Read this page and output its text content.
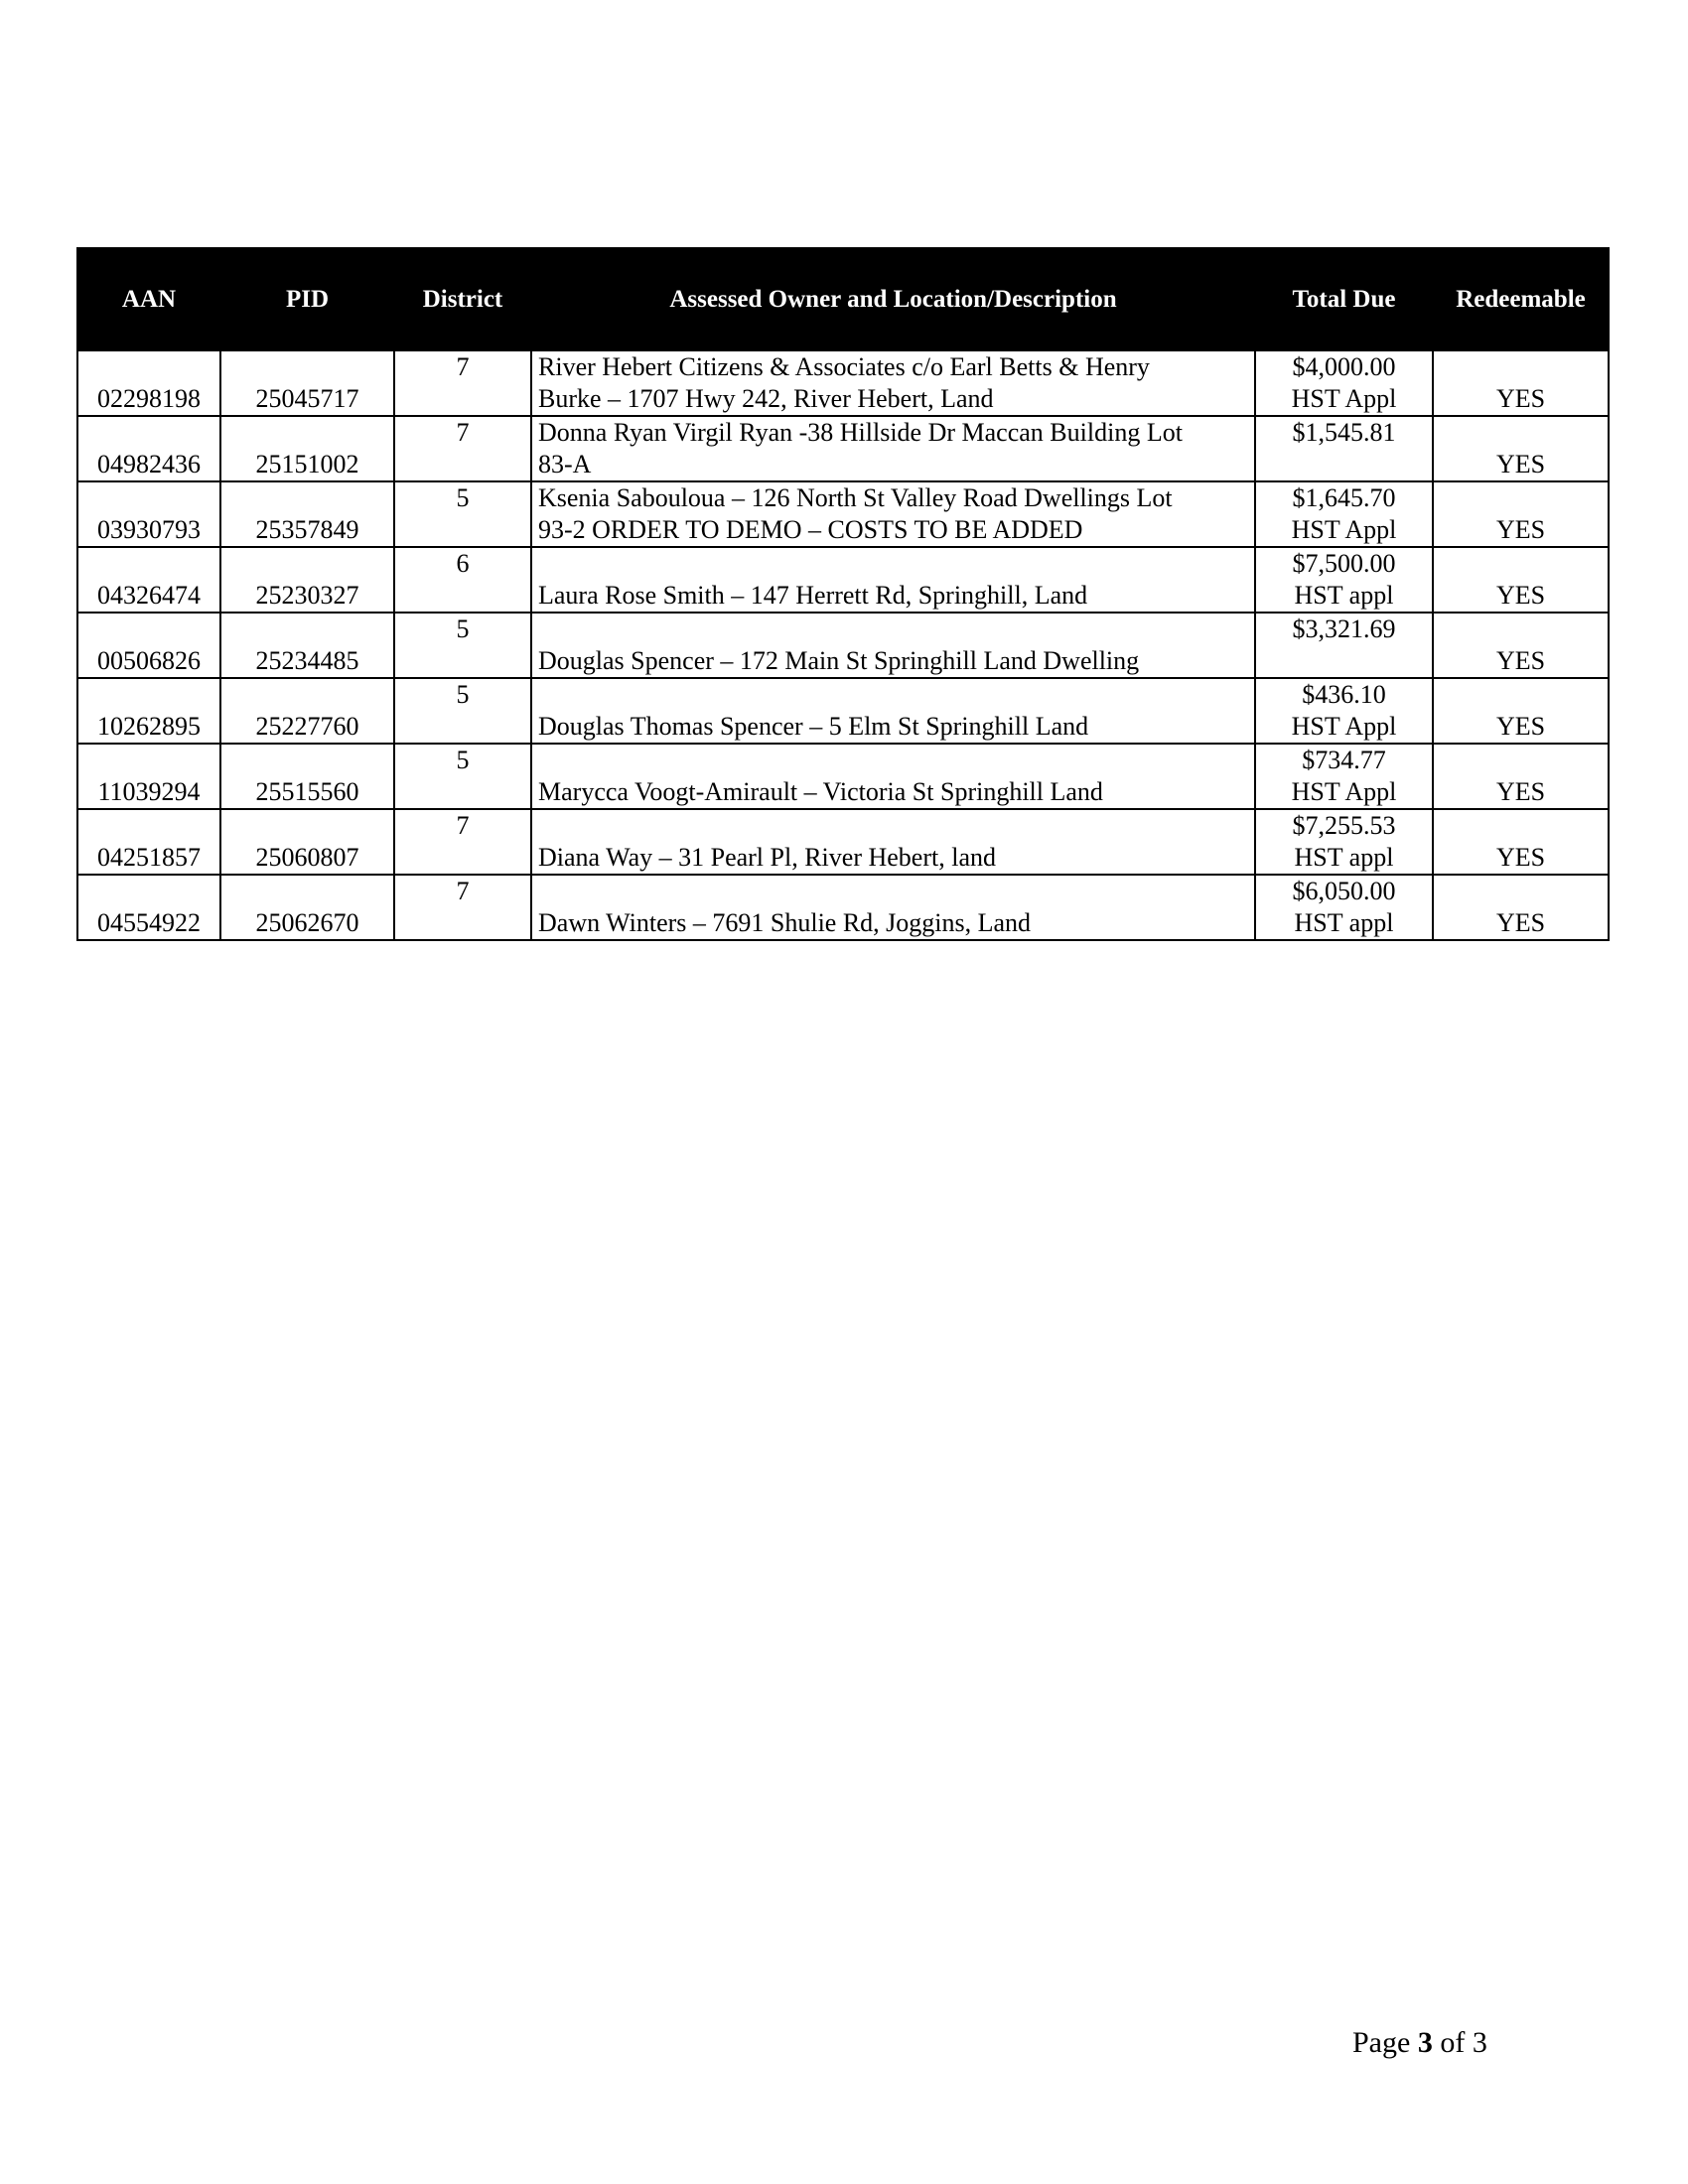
AAN	PID	District	Assessed Owner and Location/Description	Total Due	Redeemable

02298198	25045717	7	River Hebert Citizens & Associates c/o Earl Betts & Henry
Burke – 1707 Hwy 242, River Hebert, Land	$4,000.00
HST Appl	YES

04982436	25151002	7	Donna Ryan Virgil Ryan -38 Hillside Dr Maccan Building Lot
83-A	$1,545.81	YES

03930793	25357849	5	Ksenia Sabouloua – 126 North St Valley Road Dwellings Lot
93-2 ORDER TO DEMO – COSTS TO BE ADDED	$1,645.70
HST Appl	YES

04326474	25230327	6	Laura Rose Smith – 147 Herrett Rd, Springhill, Land	$7,500.00
HST appl	YES

00506826	25234485	5	Douglas Spencer – 172 Main St Springhill Land Dwelling	$3,321.69	YES

10262895	25227760	5	Douglas Thomas Spencer – 5 Elm St Springhill Land	$436.10
HST Appl	YES

11039294	25515560	5	Marycca Voogt-Amirault – Victoria St Springhill Land	$734.77
HST Appl	YES

04251857	25060807	7	Diana Way – 31 Pearl Pl, River Hebert, land	$7,255.53
HST appl	YES

04554922	25062670	7	Dawn Winters – 7691 Shulie Rd, Joggins, Land	$6,050.00
HST appl	YES
Page 3 of 3
